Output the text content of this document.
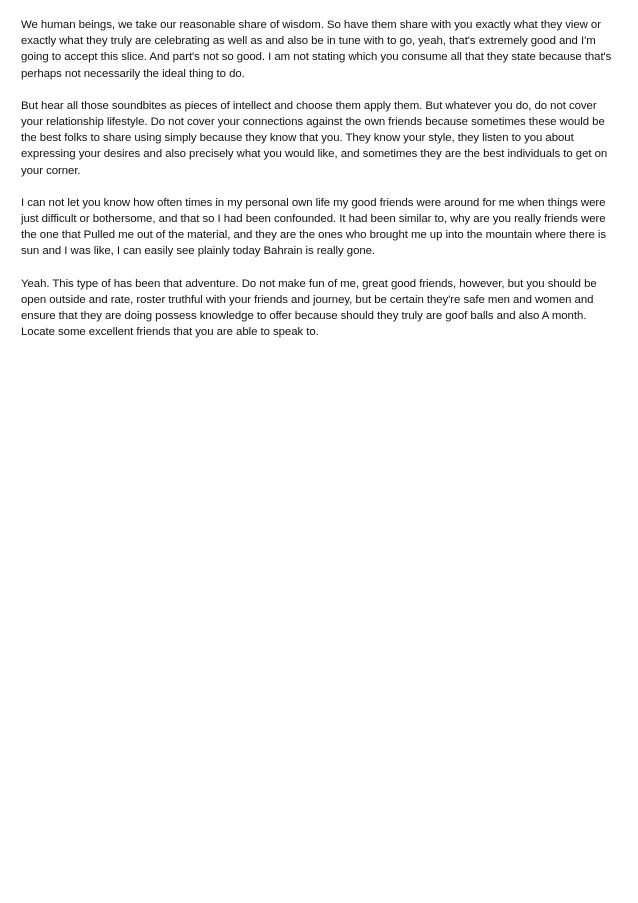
We human beings, we take our reasonable share of wisdom. So have them share with you exactly what they view or exactly what they truly are celebrating as well as and also be in tune with to go, yeah, that's extremely good and I'm going to accept this slice. And part's not so good. I am not stating which you consume all that they state because that's perhaps not necessarily the ideal thing to do.

But hear all those soundbites as pieces of intellect and choose them apply them. But whatever you do, do not cover your relationship lifestyle. Do not cover your connections against the own friends because sometimes these would be the best folks to share using simply because they know that you. They know your style, they listen to you about expressing your desires and also precisely what you would like, and sometimes they are the best individuals to get on your corner.

I can not let you know how often times in my personal own life my good friends were around for me when things were just difficult or bothersome, and that so I had been confounded. It had been similar to, why are you really friends were the one that Pulled me out of the material, and they are the ones who brought me up into the mountain where there is sun and I was like, I can easily see plainly today Bahrain is really gone.

Yeah. This type of has been that adventure. Do not make fun of me, great good friends, however, but you should be open outside and rate, roster truthful with your friends and journey, but be certain they're safe men and women and ensure that they are doing possess knowledge to offer because should they truly are goof balls and also A month. Locate some excellent friends that you are able to speak to.
